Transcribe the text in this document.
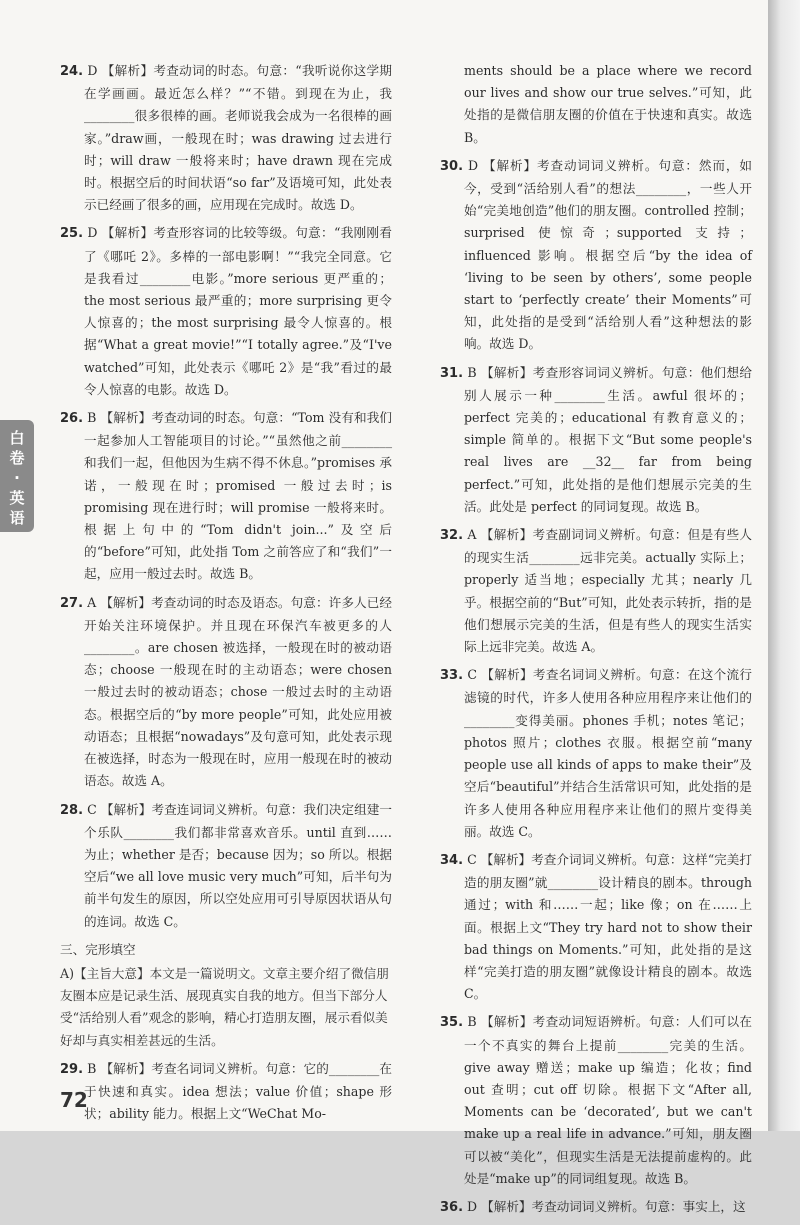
24. D 【解析】考查动词的时态。句意：“我听说你这学期在学画画。最近怎么样？”“不错。到现在为止，我________很多很棒的画。老师说我会成为一名很棒的画家。”draw画，一般现在时；was drawing 过去进行时；will draw 一般将来时；have drawn 现在完成时。根据空后的时间状语“so far”及语境可知，此处表示已经画了很多的画，应用现在完成时。故选 D。
25. D 【解析】考查形容词的比较等级。句意：“我刚刚看了《哪吒 2》。多棒的一部电影啊！”“我完全同意。它是我看过________电影。”more serious 更严重的；the most serious 最严重的；more surprising 更令人惊喜的；the most surprising 最令人惊喜的。根据“What a great movie!”“I totally agree.”及“I've watched”可知，此处表示《哪吒 2》是“我”看过的最令人惊喜的电影。故选 D。
26. B 【解析】考查动词的时态。句意：“Tom 没有和我们一起参加人工智能项目的讨论。”“虽然他之前________和我们一起，但他因为生病不得不休息。”promises 承诺，一般现在时；promised 一般过去时；is promising 现在进行时；will promise 一般将来时。根据上句中的“Tom didn't join...”及空后的“before”可知，此处指 Tom 之前答应了和“我们”一起，应用一般过去时。故选 B。
27. A 【解析】考查动词的时态及语态。句意：许多人已经开始关注环境保护。并且现在环保汽车被更多的人________。are chosen 被选择，一般现在时的被动语态；choose 一般现在时的主动语态；were chosen 一般过去时的被动语态；chose 一般过去时的主动语态。根据空后的“by more people”可知，此处应用被动语态；且根据“nowadays”及句意可知，此处表示现在被选择，时态为一般现在时，应用一般现在时的被动语态。故选 A。
28. C 【解析】考查连词词义辨析。句意：我们决定组建一个乐队________我们都非常喜欢音乐。until 直到……为止；whether 是否；because 因为；so 所以。根据空后“we all love music very much”可知，后半句为前半句发生的原因，所以空处应用可引导原因状语从句的连词。故选 C。
三、完形填空
A)【主旨大意】本文是一篇说明文。文章主要介绍了微信朋友圈本应是记录生活、展现真实自我的地方。但当下部分人受“活给别人看”观念的影响，精心打造朋友圈，展示看似美好却与真实相差甚远的生活。
29. B 【解析】考查名词词义辨析。句意：它的________在于快速和真实。idea 想法；value 价值；shape 形状；ability 能力。根据上文“WeChat Mo-
ments should be a place where we record our lives and show our true selves.”可知，此处指的是微信朋友圈的价值在于快速和真实。故选 B。
30. D 【解析】考查动词词义辨析。句意：然而，如今，受到“活给别人看”的想法________，一些人开始“完美地创造”他们的朋友圈。controlled 控制；surprised 使惊奇；supported 支持；influenced 影响。根据空后“by the idea of ‘living to be seen by others’, some people start to ‘perfectly create’ their Moments”可知，此处指的是受到“活给别人看”这种想法的影响。故选 D。
31. B 【解析】考查形容词词义辨析。句意：他们想给别人展示一种________生活。awful 很坏的；perfect 完美的；educational 有教育意义的；simple 简单的。根据下文“But some people's real lives are __32__ far from being perfect.”可知，此处指的是他们想展示完美的生活。此处是 perfect 的同词复现。故选 B。
32. A 【解析】考查副词词义辨析。句意：但是有些人的现实生活________远非完美。actually 实际上；properly 适当地；especially 尤其；nearly 几乎。根据空前的“But”可知，此处表示转折，指的是他们想展示完美的生活，但是有些人的现实生活实际上远非完美。故选 A。
33. C 【解析】考查名词词义辨析。句意：在这个流行滤镜的时代，许多人使用各种应用程序来让他们的________变得美丽。phones 手机；notes 笔记；photos 照片；clothes 衣服。根据空前“many people use all kinds of apps to make their”及空后“beautiful”并结合生活常识可知，此处指的是许多人使用各种应用程序来让他们的照片变得美丽。故选 C。
34. C 【解析】考查介词词义辨析。句意：这样“完美打造的朋友圈”就________设计精良的剧本。through 通过；with 和……一起；like 像；on 在……上面。根据上文“They try hard not to show their bad things on Moments.”可知，此处指的是这样“完美打造的朋友圈”就像设计精良的剧本。故选 C。
35. B 【解析】考查动词短语辨析。句意：人们可以在一个不真实的舞台上提前________完美的生活。give away 赠送；make up 编造；化妆；find out 查明；cut off 切除。根据下文“After all, Moments can be ‘decorated’, but we can't make up a real life in advance.”可知，朋友圈可以被“美化”，但现实生活是无法提前虚构的。此处是“make up”的同词组复现。故选 B。
36. D 【解析】考查动词词义辨析。句意：事实上，这
白卷·英语
72
